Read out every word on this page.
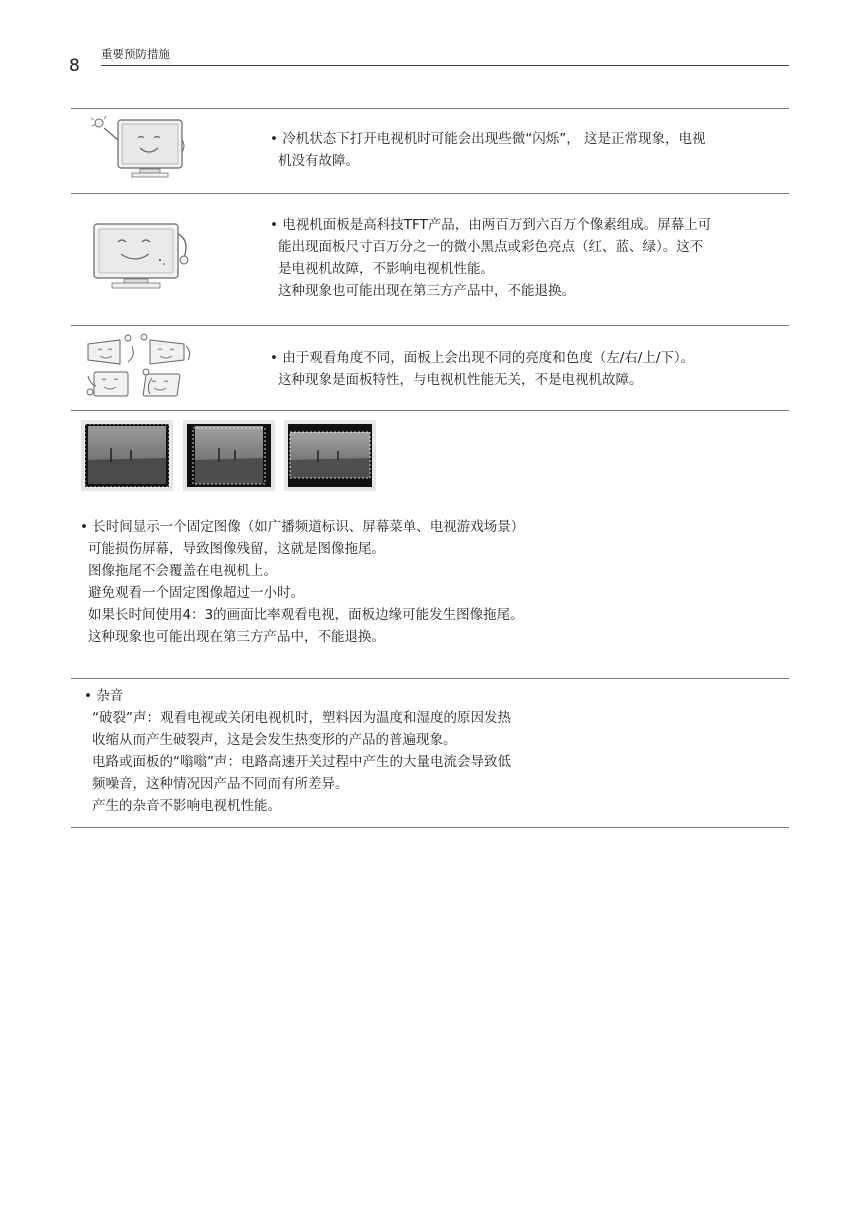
8
重要预防措施

• 冷机状态下打开电视机时可能会出现些微“闪烁”， 这是正常现象，电视

机没有故障。

• 电视机面板是高科技TFT产品，由两百万到六百万个像素组成。屏幕上可

能出现面板尺寸百万分之一的微小黑点或彩色亮点（红、蓝、绿）。这不

是电视机故障，不影响电视机性能。

这种现象也可能出现在第三方产品中，不能退换。

• 由于观看角度不同，面板上会出现不同的亮度和色度（左/右/上/下）。

这种现象是面板特性，与电视机性能无关，不是电视机故障。

• 长时间显示一个固定图像（如广播频道标识、屏幕菜单、电视游戏场景）

可能损伤屏幕，导致图像残留，这就是图像拖尾。

图像拖尾不会覆盖在电视机上。

避免观看一个固定图像超过一小时。

如果长时间使用4：3的画面比率观看电视，面板边缘可能发生图像拖尾。

这种现象也可能出现在第三方产品中，不能退换。

• 杂音

“破裂”声：观看电视或关闭电视机时，塑料因为温度和湿度的原因发热

收缩从而产生破裂声，这是会发生热变形的产品的普遍现象。

电路或面板的“嗡嗡”声：电路高速开关过程中产生的大量电流会导致低

频噪音，这种情况因产品不同而有所差异。

产生的杂音不影响电视机性能。
